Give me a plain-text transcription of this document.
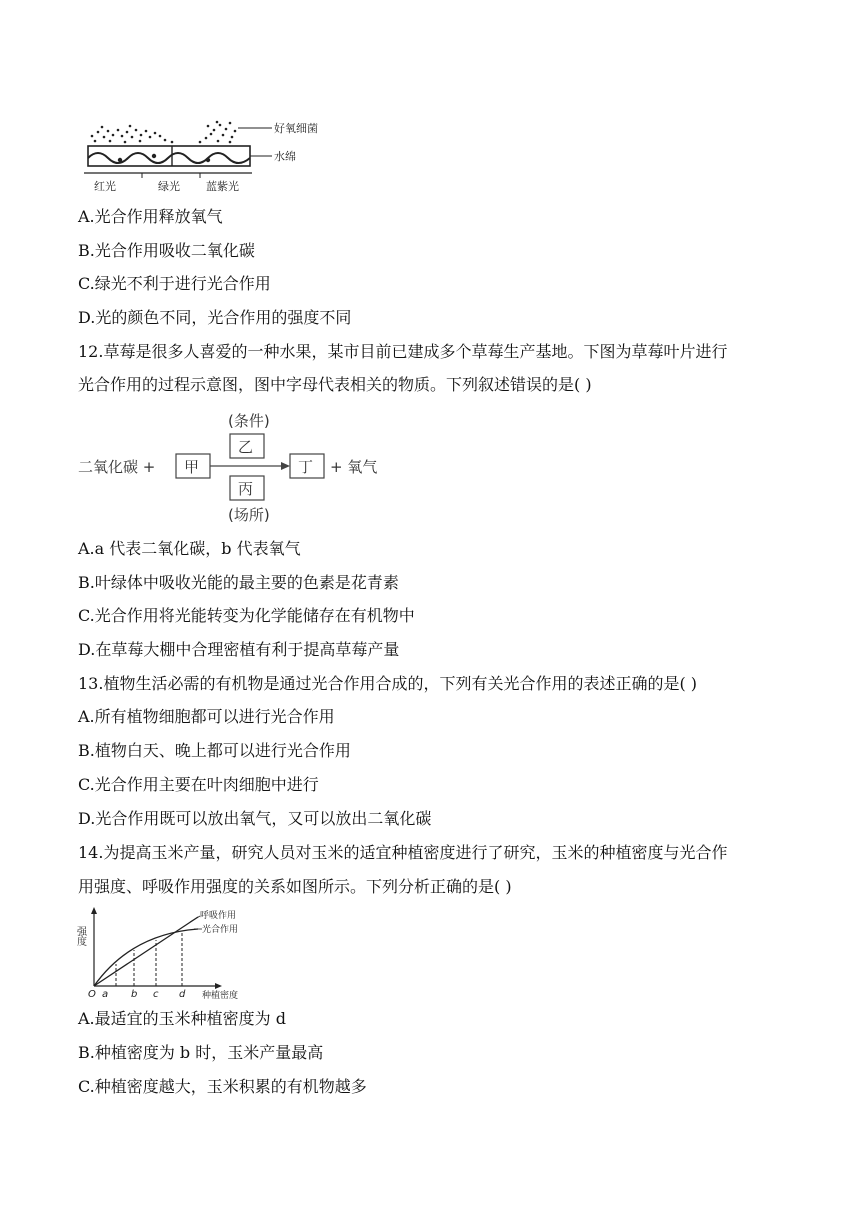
好氧细菌
水绵
红光	绿光 蓝紫光
A.光合作用释放氧气
B.光合作用吸收二氧化碳
C.绿光不利于进行光合作用
D.光的颜色不同，光合作用的强度不同
12.草莓是很多人喜爱的一种水果，某市目前已建成多个草莓生产基地。下图为草莓叶片进行
光合作用的过程示意图，图中字母代表相关的物质。下列叙述错误的是( )
(条件)
乙
二氧化碳 + 甲	丁 + 氧气
丙
(场所)
A.a 代表二氧化碳，b 代表氧气
B.叶绿体中吸收光能的最主要的色素是花青素
C.光合作用将光能转变为化学能储存在有机物中
D.在草莓大棚中合理密植有利于提高草莓产量
13.植物生活必需的有机物是通过光合作用合成的，下列有关光合作用的表述正确的是( )
A.所有植物细胞都可以进行光合作用
B.植物白天、晚上都可以进行光合作用
C.光合作用主要在叶肉细胞中进行
D.光合作用既可以放出氧气，又可以放出二氧化碳
14.为提高玉米产量，研究人员对玉米的适宜种植密度进行了研究，玉米的种植密度与光合作
用强度、呼吸作用强度的关系如图所示。下列分析正确的是( )
强度
呼吸作用
光合作用
O a b c d 种植密度
A.最适宜的玉米种植密度为 d
B.种植密度为 b 时，玉米产量最高
C.种植密度越大，玉米积累的有机物越多
